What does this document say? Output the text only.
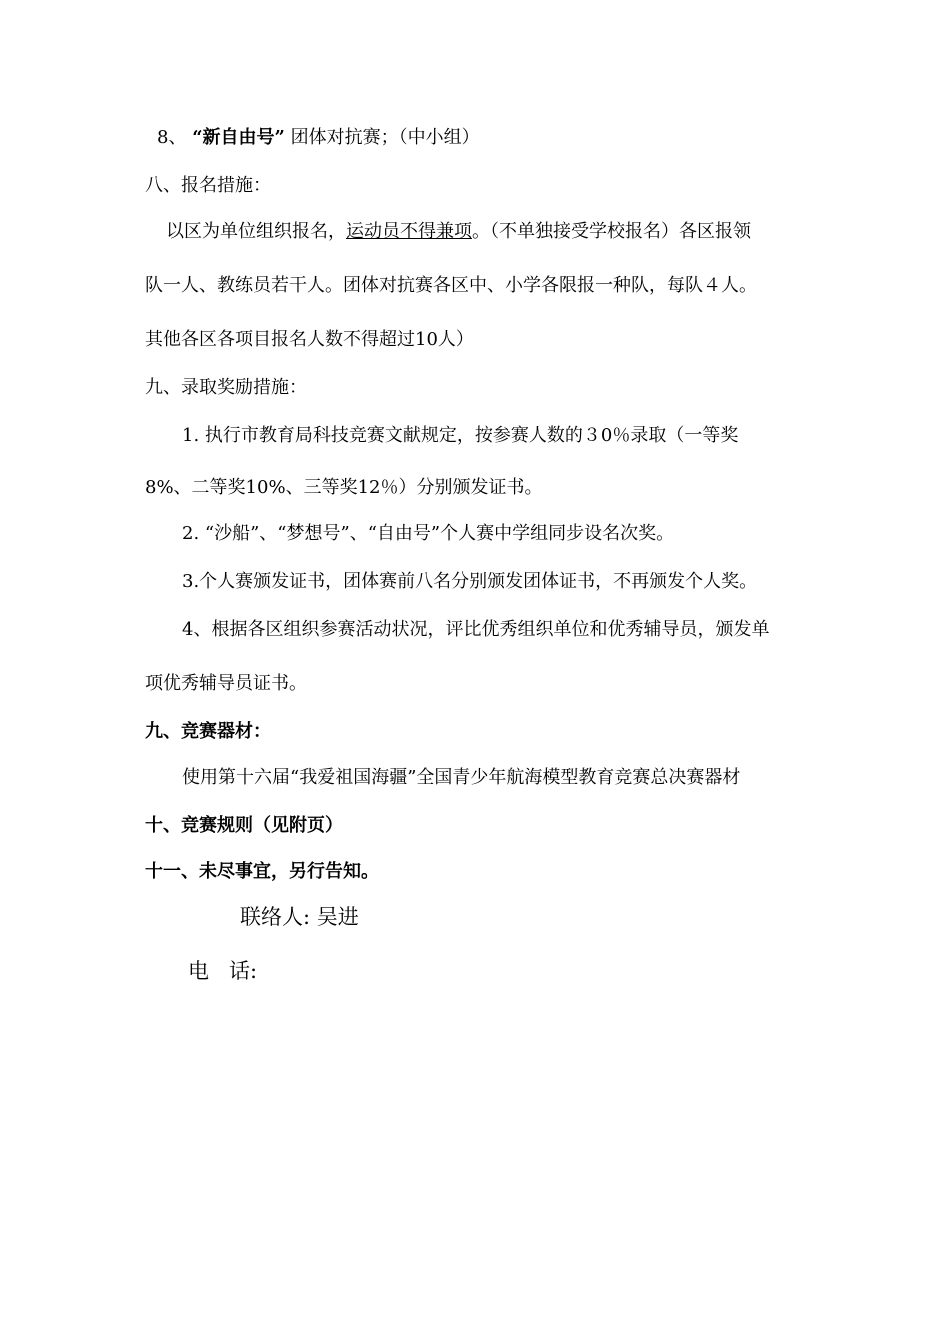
8、 “新自由号” 团体对抗赛；（中小组）
八、报名措施：
以区为单位组织报名，运动员不得兼项。（不单独接受学校报名）各区报领
队一人、教练员若干人。团体对抗赛各区中、小学各限报一种队，每队４人。
其他各区各项目报名人数不得超过10人）
九、录取奖励措施：
1. 执行市教育局科技竞赛文献规定，按参赛人数的３0％录取（一等奖
8%、二等奖10%、三等奖12％）分别颁发证书。
2. “沙船”、“梦想号”、“自由号”个人赛中学组同步设名次奖。
3.个人赛颁发证书，团体赛前八名分别颁发团体证书，不再颁发个人奖。
4、根据各区组织参赛活动状况，评比优秀组织单位和优秀辅导员，颁发单
项优秀辅导员证书。
九、竞赛器材：
使用第十六届“我爱祖国海疆”全国青少年航海模型教育竞赛总决赛器材
十、竞赛规则（见附页）
十一、未尽事宜，另行告知。
联络人: 吴进
电   话:
